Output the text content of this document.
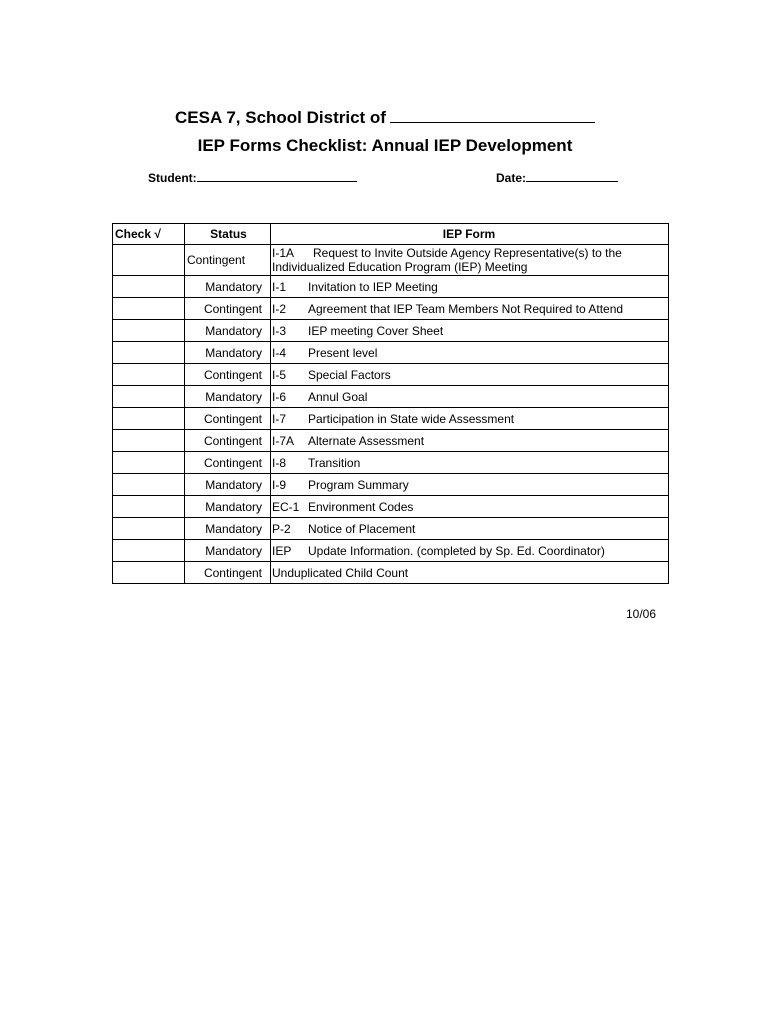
CESA 7, School District of
IEP Forms Checklist: Annual IEP Development
Student:	Date:
Check √	Status	IEP Form
	Contingent	I-1A Request to Invite Outside Agency Representative(s) to the
Individualized Education Program (IEP) Meeting
	Mandatory	I-1 Invitation to IEP Meeting
	Contingent	I-2 Agreement that IEP Team Members Not Required to Attend
	Mandatory	I-3 IEP meeting Cover Sheet
	Mandatory	I-4 Present level
	Contingent	I-5 Special Factors
	Mandatory	I-6 Annul Goal
	Contingent	I-7 Participation in State wide Assessment
	Contingent	I-7A Alternate Assessment
	Contingent	I-8 Transition
	Mandatory	I-9 Program Summary
	Mandatory	EC-1 Environment Codes
	Mandatory	P-2 Notice of Placement
	Mandatory	IEP Update Information. (completed by Sp. Ed. Coordinator)
	Contingent	Unduplicated Child Count
10/06
